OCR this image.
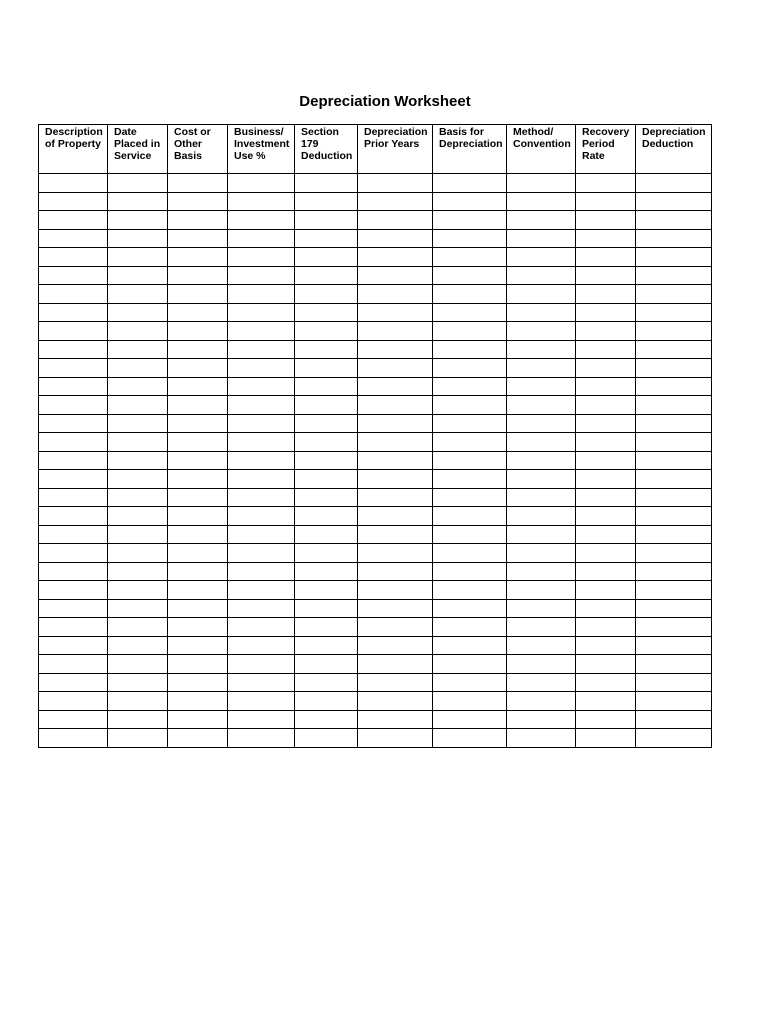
Depreciation Worksheet
Description
of Property	Date
Placed in
Service	Cost or
Other
Basis	Business/
Investment
Use %	Section
179
Deduction	Depreciation
Prior Years	Basis for
Depreciation	Method/
Convention	Recovery
Period
Rate	Depreciation
Deduction
